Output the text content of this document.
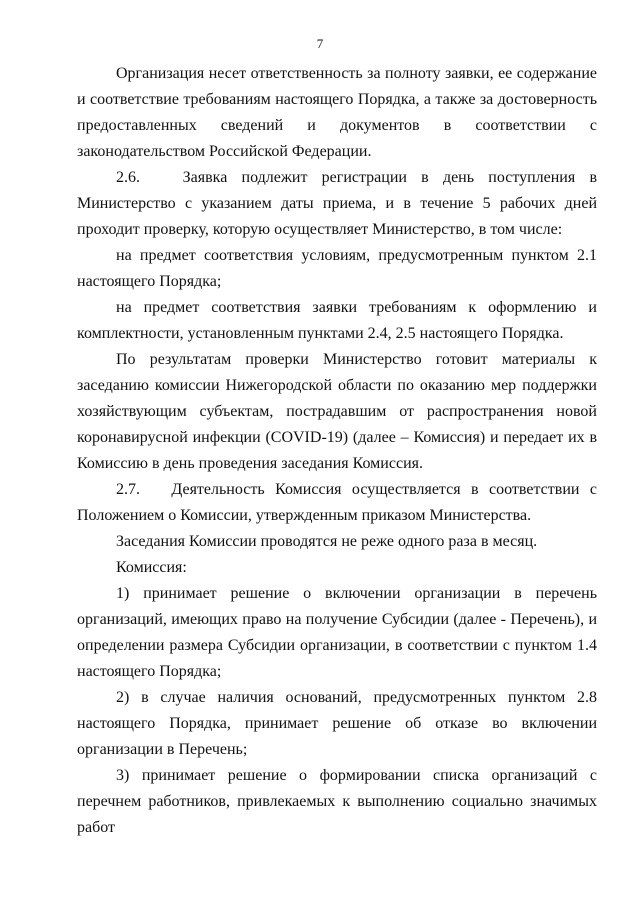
7

Организация несет ответственность за полноту заявки, ее содержание и соответствие требованиям настоящего Порядка, а также за достоверность предоставленных сведений и документов в соответствии с законодательством Российской Федерации.

2.6.   Заявка подлежит регистрации в день поступления в Министерство с указанием даты приема, и в течение 5 рабочих дней проходит проверку, которую осуществляет Министерство, в том числе:

на предмет соответствия условиям, предусмотренным пунктом 2.1 настоящего Порядка;

на предмет соответствия заявки требованиям к оформлению и комплектности, установленным пунктами 2.4, 2.5 настоящего Порядка.

По результатам проверки Министерство готовит материалы к заседанию комиссии Нижегородской области по оказанию мер поддержки хозяйствующим субъектам, пострадавшим от распространения новой коронавирусной инфекции (COVID-19) (далее – Комиссия) и передает их в Комиссию в день проведения заседания Комиссия.

2.7.   Деятельность Комиссия осуществляется в соответствии с Положением о Комиссии, утвержденным приказом Министерства.

Заседания Комиссии проводятся не реже одного раза в месяц.

Комиссия:

1) принимает решение о включении организации в перечень организаций, имеющих право на получение Субсидии (далее - Перечень), и определении размера Субсидии организации, в соответствии с пунктом 1.4 настоящего Порядка;

2) в случае наличия оснований, предусмотренных пунктом 2.8 настоящего Порядка, принимает решение об отказе во включении организации в Перечень;

3) принимает решение о формировании списка организаций с перечнем работников, привлекаемых к выполнению социально значимых работ
